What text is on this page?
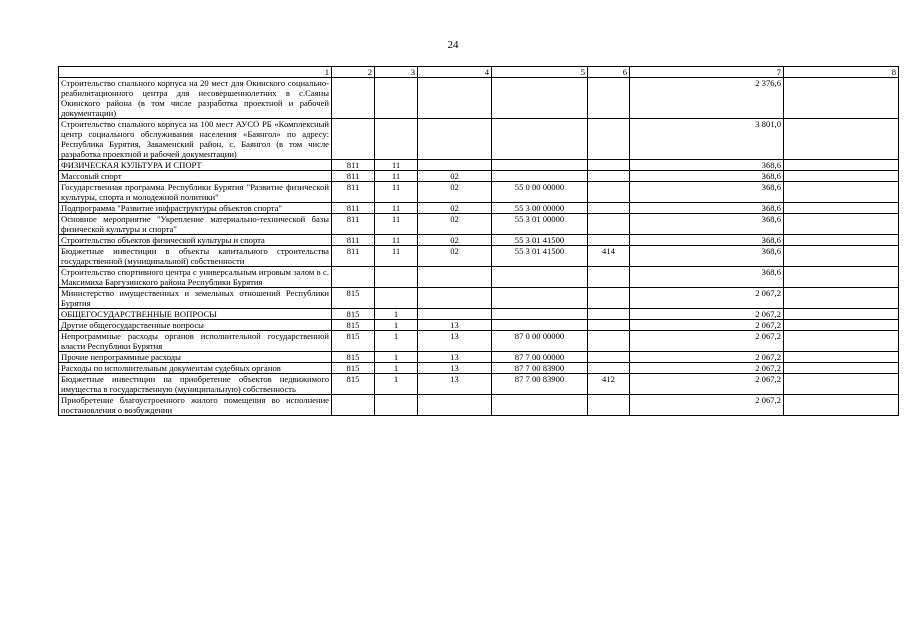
24
1	2	3	4	5	6	7	8
Строительство спального корпуса на 20 мест для Окинского социально-реабилитационного центра для несовершеннолетних в с.Саяны Окинского района (в том числе разработка проектной и рабочей документации)						2 376,6	
Строительство спального корпуса на 100 мест АУСО РБ «Комплексный центр социального обслуживания населения «Баянгол» по адресу: Республика Бурятия, Закаменский район, с. Баянгол (в том числе разработка проектной и рабочей документации)						3 801,0	
ФИЗИЧЕСКАЯ КУЛЬТУРА И СПОРТ	811	11				368,6	
Массовый спорт	811	11	02			368,6	
Государственная программа Республики Бурятия "Развитие физической культуры, спорта и молодежной политики"	811	11	02	55 0 00 00000		368,6	
Подпрограмма "Развитие инфраструктуры объектов спорта"	811	11	02	55 3 00 00000		368,6	
Основное мероприятие "Укрепление материально-технической базы физической культуры и спорта"	811	11	02	55 3 01 00000		368,6	
Строительство объектов физической культуры и спорта	811	11	02	55 3 01 41500		368,6	
Бюджетные инвестиции в объекты капитального строительства государственной (муниципальной) собственности	811	11	02	55 3 01 41500	414	368,6	
Строительство спортивного центра с универсальным игровым залом в с. Максимиха Баргузинского района Республики Бурятия						368,6	
Министерство имущественных и земельных отношений Республики Бурятия	815					2 067,2	
ОБЩЕГОСУДАРСТВЕННЫЕ ВОПРОСЫ	815	1				2 067,2	
Другие общегосударственные вопросы	815	1	13			2 067,2	
Непрограммные расходы органов исполнительной государственной власти Республики Бурятия	815	1	13	87 0 00 00000		2 067,2	
Прочие непрограммные расходы	815	1	13	87 7 00 00000		2 067,2	
Расходы по исполнительным документам судебных органов	815	1	13	87 7 00 83900		2 067,2	
Бюджетные инвестиции на приобретение объектов недвижимого имущества в государственную (муниципальную) собственность	815	1	13	87 7 00 83900	412	2 067,2	
Приобретение благоустроенного жилого помещения во исполнение постановления о возбуждении						2 067,2	
